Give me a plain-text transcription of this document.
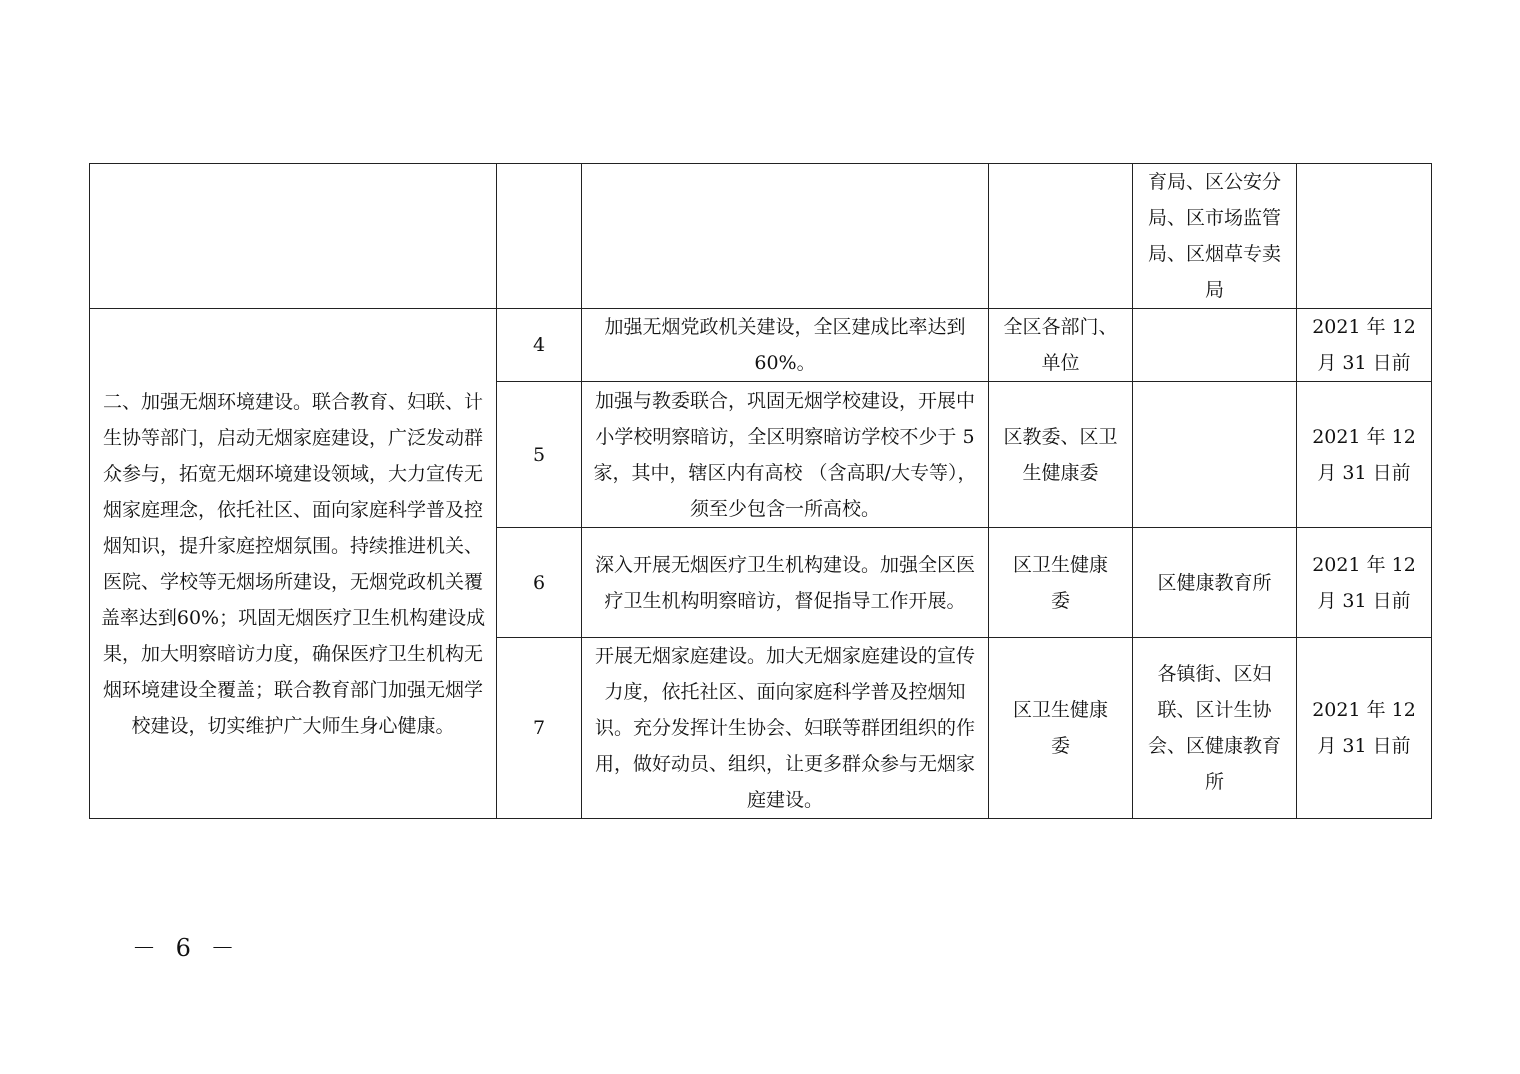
				育局、区公安分
局、区市场监管
局、区烟草专卖
局	
二、加强无烟环境建设。联合教育、妇联、计生协等部门，启动无烟家庭建设，广泛发动群众参与，拓宽无烟环境建设领域，大力宣传无烟家庭理念，依托社区、面向家庭科学普及控烟知识，提升家庭控烟氛围。持续推进机关、医院、学校等无烟场所建设，无烟党政机关覆盖率达到60%；巩固无烟医疗卫生机构建设成果，加大明察暗访力度，确保医疗卫生机构无烟环境建设全覆盖；联合教育部门加强无烟学校建设，切实维护广大师生身心健康。	4	加强无烟党政机关建设，全区建成比率达到 60%。	全区各部门、
单位		2021 年 12
月 31 日前
	5	加强与教委联合，巩固无烟学校建设，开展中小学校明察暗访，全区明察暗访学校不少于 5 家，其中，辖区内有高校 （含高职/大专等），须至少包含一所高校。	区教委、区卫
生健康委		2021 年 12
月 31 日前
	6	深入开展无烟医疗卫生机构建设。加强全区医疗卫生机构明察暗访，督促指导工作开展。	区卫生健康
委	区健康教育所	2021 年 12
月 31 日前
	7	开展无烟家庭建设。加大无烟家庭建设的宣传力度，依托社区、面向家庭科学普及控烟知识。充分发挥计生协会、妇联等群团组织的作用，做好动员、组织，让更多群众参与无烟家庭建设。	区卫生健康
委	各镇街、区妇
联、区计生协
会、区健康教育
所	2021 年 12
月 31 日前
－ 6 －
